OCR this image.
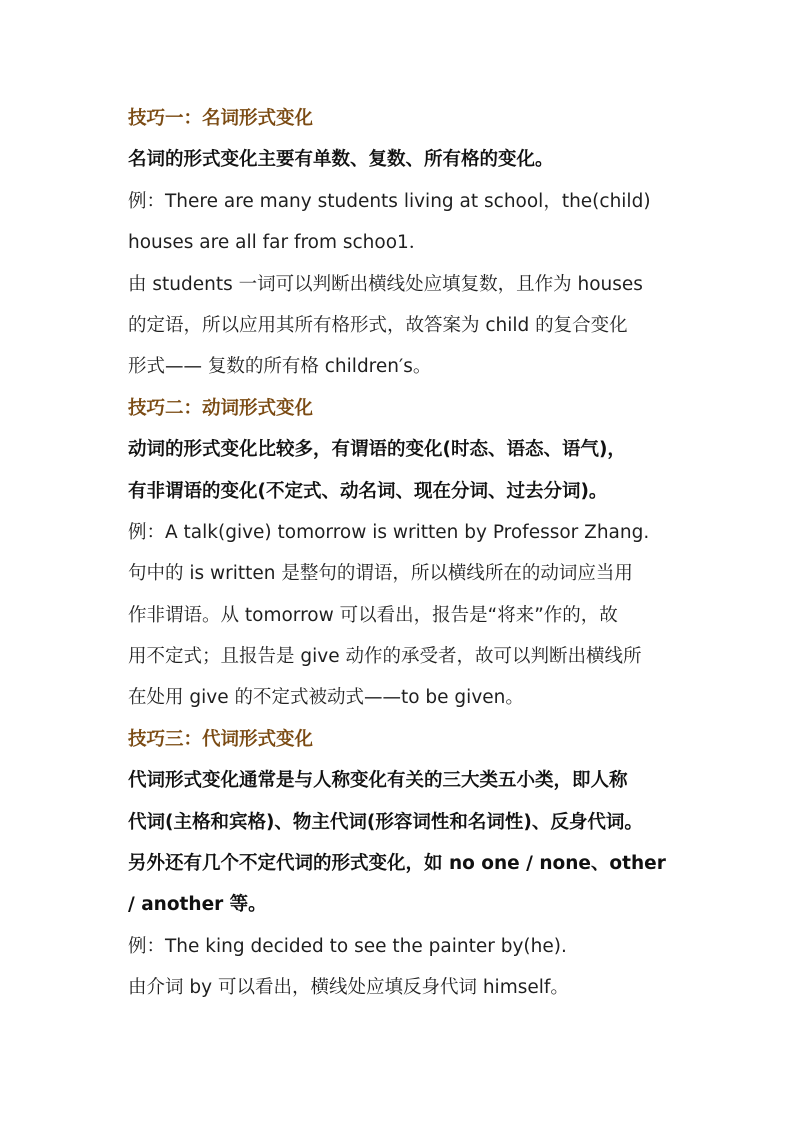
技巧一：名词形式变化
名词的形式变化主要有单数、复数、所有格的变化。
例：There are many students living at school，the(child)
houses are all far from schoo1．
由 students 一词可以判断出横线处应填复数，且作为 houses
的定语，所以应用其所有格形式，故答案为 child 的复合变化
形式—— 复数的所有格 children′s。
技巧二：动词形式变化
动词的形式变化比较多，有谓语的变化(时态、语态、语气)，
有非谓语的变化(不定式、动名词、现在分词、过去分词)。
例：A talk(give) tomorrow is written by Professor Zhang.
句中的 is written 是整句的谓语，所以横线所在的动词应当用
作非谓语。从 tomorrow 可以看出，报告是“将来”作的，故
用不定式；且报告是 give 动作的承受者，故可以判断出横线所
在处用 give 的不定式被动式——to be given。
技巧三：代词形式变化
代词形式变化通常是与人称变化有关的三大类五小类，即人称
代词(主格和宾格)、物主代词(形容词性和名词性)、反身代词。
另外还有几个不定代词的形式变化，如 no one / none、other
/ another 等。
例：The king decided to see the painter by(he).
由介词 by 可以看出，横线处应填反身代词 himself。
